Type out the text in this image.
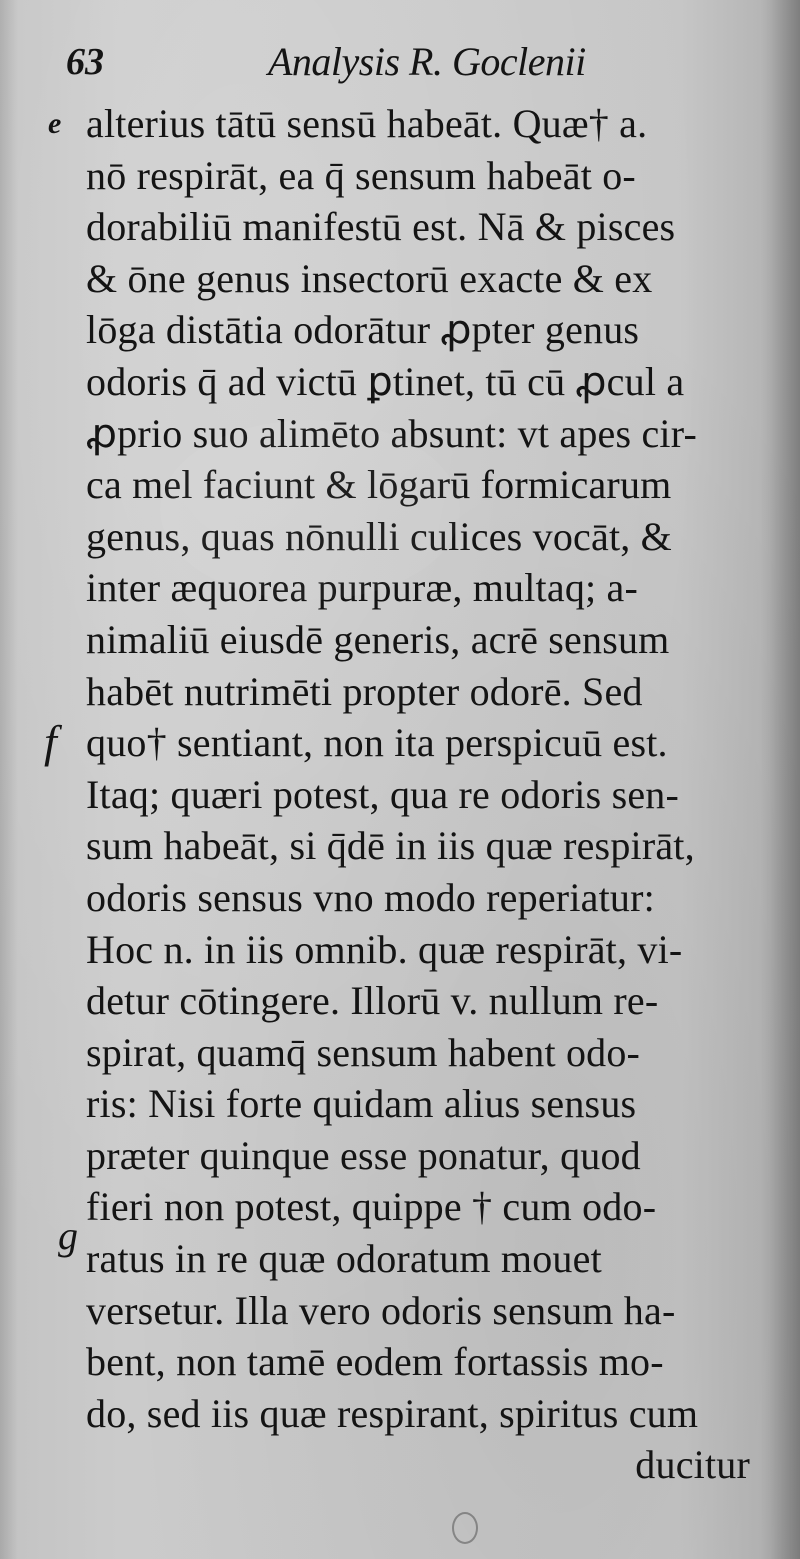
63	Analysis R. Goclenii
e
f
g
alterius tātū sensū habeāt. Quæ† a.
nō respirāt, ea q̄ sensum habeāt o-
dorabiliū manifestū est. Nā & pisces
& ōne genus insectorū exacte & ex
lōga distātia odorātur ꝓpter genus
odoris q̄ ad victū ꝑtinet, tū cū ꝓcul a
ꝓprio suo alimēto absunt: vt apes cir-
ca mel faciunt & lōgarū formicarum
genus, quas nōnulli culices vocāt, &
inter æquorea purpuræ, multaq; a-
nimaliū eiusdē generis, acrē sensum
habēt nutrimēti propter odorē. Sed
quo† sentiant, non ita perspicuū est.
Itaq; quæri potest, qua re odoris sen-
sum habeāt, si q̄dē in iis quæ respirāt,
odoris sensus vno modo reperiatur:
Hoc n. in iis omnib. quæ respirāt, vi-
detur cōtingere. Illorū v. nullum re-
spirat, quamq̄ sensum habent odo-
ris: Nisi forte quidam alius sensus
præter quinque esse ponatur, quod
fieri non potest, quippe † cum odo-
ratus in re quæ odoratum mouet
versetur. Illa vero odoris sensum ha-
bent, non tamē eodem fortassis mo-
do, sed iis quæ respirant, spiritus cum
ducitur
